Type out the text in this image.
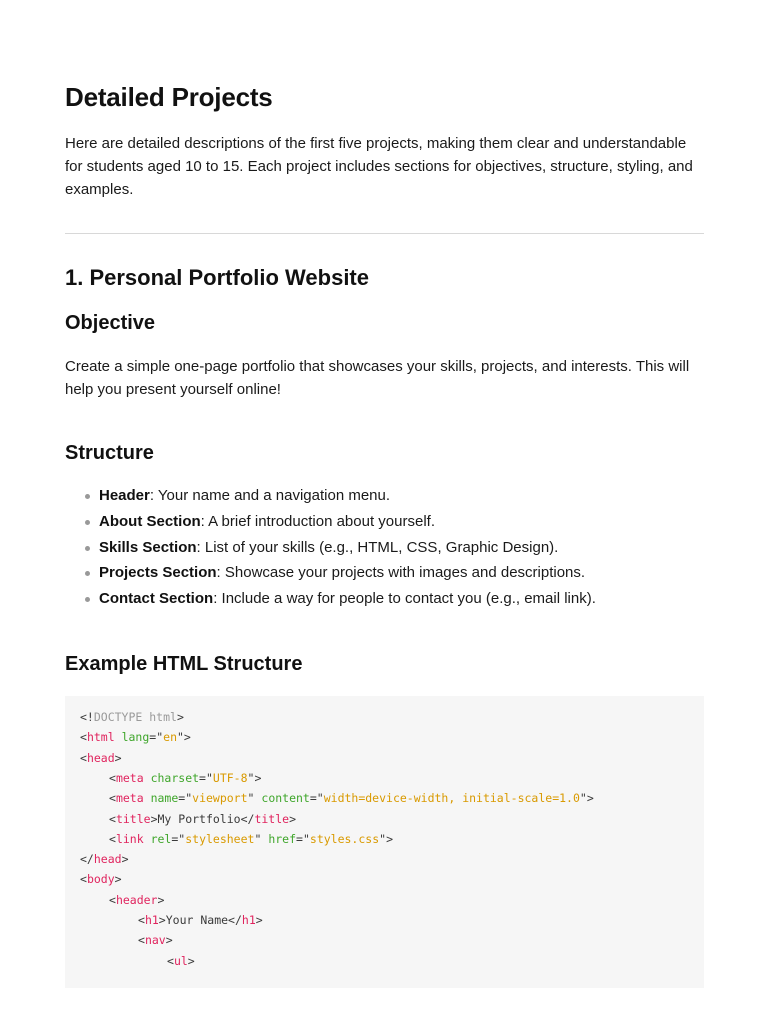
Detailed Projects

Here are detailed descriptions of the first five projects, making them clear and understandable for students aged 10 to 15. Each project includes sections for objectives, structure, styling, and examples.

1. Personal Portfolio Website
Objective

Create a simple one-page portfolio that showcases your skills, projects, and interests. This will help you present yourself online!

Structure
Header: Your name and a navigation menu.
About Section: A brief introduction about yourself.
Skills Section: List of your skills (e.g., HTML, CSS, Graphic Design).
Projects Section: Showcase your projects with images and descriptions.
Contact Section: Include a way for people to contact you (e.g., email link).
Example HTML Structure
<!DOCTYPE html>
<html lang="en">
<head>
<meta charset="UTF-8">
<meta name="viewport" content="width=device-width, initial-scale=1.0">
<title>My Portfolio</title>
<link rel="stylesheet" href="styles.css">
</head>
<body>
<header>
<h1>Your Name</h1>
<nav>
<ul>
